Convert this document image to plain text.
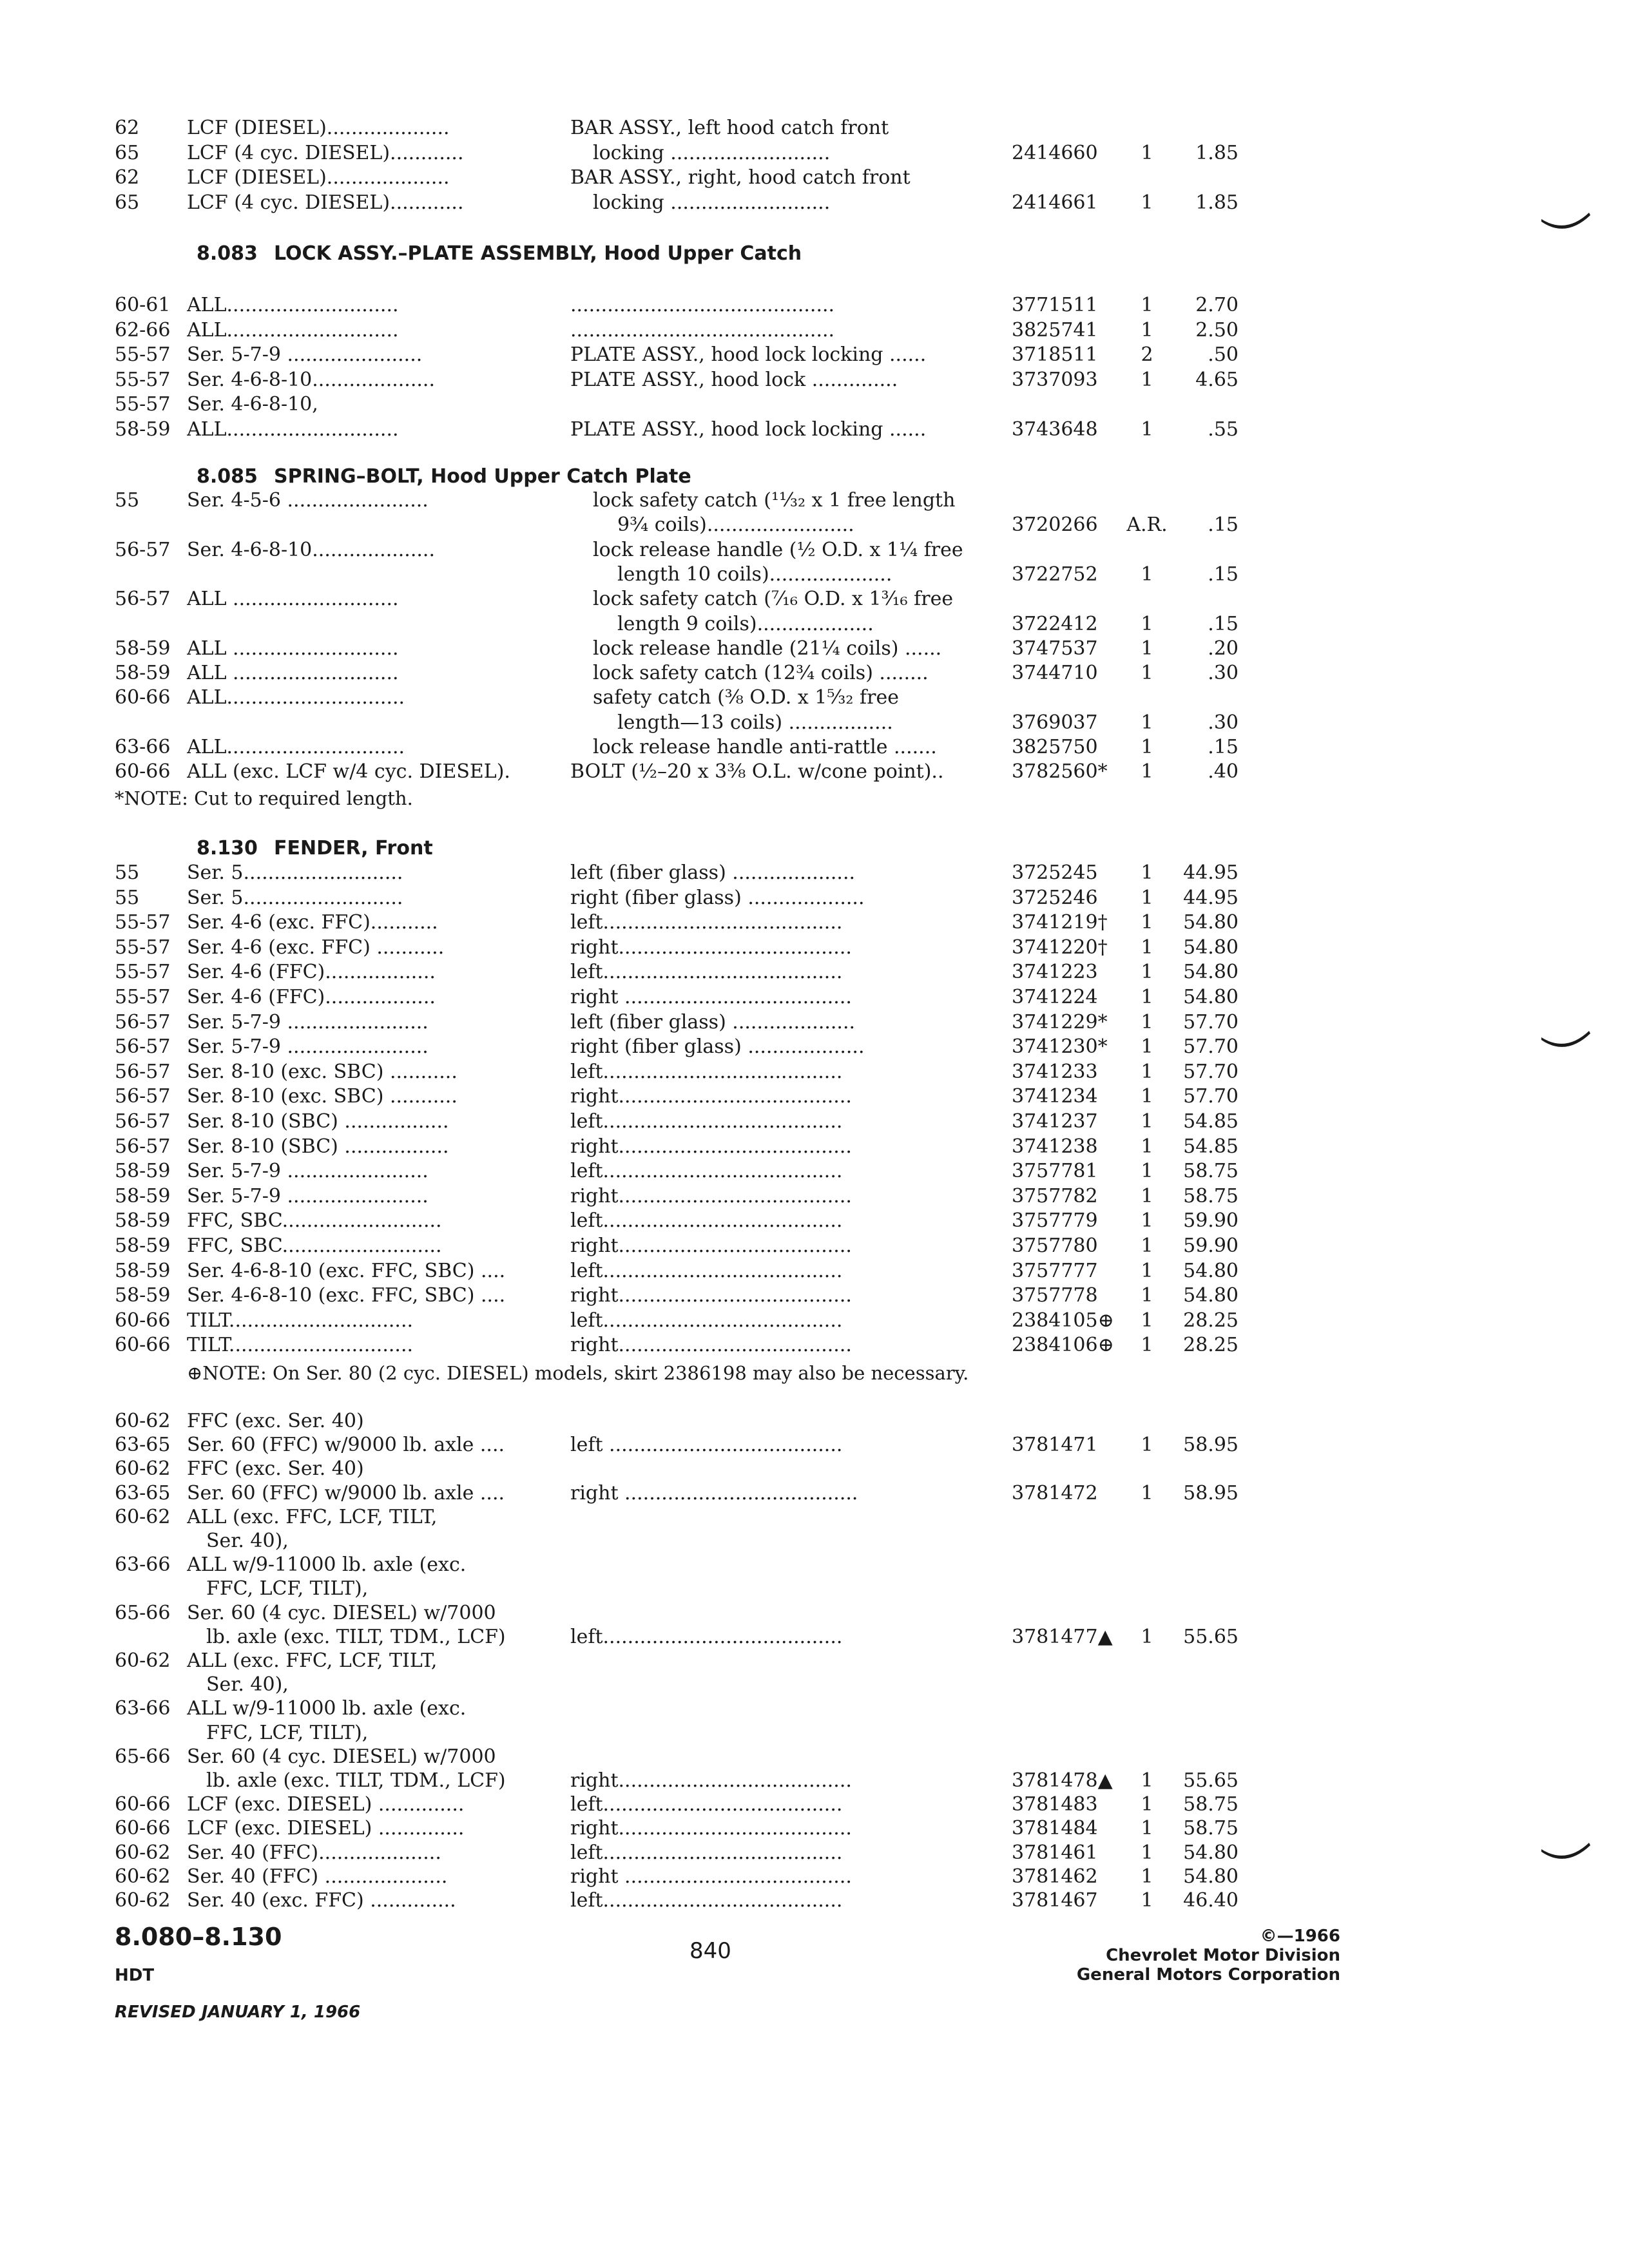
62	LCF (DIESEL)....................	BAR ASSY., left hood catch front
65	LCF (4 cyc. DIESEL)............	locking ..........................	2414660	1	1.85
62	LCF (DIESEL)....................	BAR ASSY., right, hood catch front
65	LCF (4 cyc. DIESEL)............	locking ..........................	2414661	1	1.85
8.083 LOCK ASSY.–PLATE ASSEMBLY, Hood Upper Catch
60-61 ALL............................	...........................................	3771511	1	2.70
62-66 ALL............................	...........................................	3825741	1	2.50
55-57 Ser. 5-7-9 ......................	PLATE ASSY., hood lock locking ......	3718511	2	.50
55-57 Ser. 4-6-8-10....................	PLATE ASSY., hood lock ..............	3737093	1	4.65
55-57 Ser. 4-6-8-10,
58-59 ALL............................	PLATE ASSY., hood lock locking ......	3743648	1	.55
8.085 SPRING–BOLT, Hood Upper Catch Plate
55	Ser. 4-5-6 .......................	lock safety catch (¹¹⁄₃₂ x 1 free length
9¾ coils)........................	3720266	A.R.	.15
56-57 Ser. 4-6-8-10....................	lock release handle (½ O.D. x 1¼ free
length 10 coils)....................	3722752	1	.15
56-57 ALL ...........................	lock safety catch (⁷⁄₁₆ O.D. x 1³⁄₁₆ free
length 9 coils)...................	3722412	1	.15
58-59 ALL ...........................	lock release handle (21¼ coils) ......	3747537	1	.20
58-59 ALL ...........................	lock safety catch (12¾ coils) ........	3744710	1	.30
60-66 ALL.............................	safety catch (⅜ O.D. x 1⁵⁄₃₂ free
length—13 coils) .................	3769037	1	.30
63-66 ALL.............................	lock release handle anti-rattle .......	3825750	1	.15
60-66 ALL (exc. LCF w/4 cyc. DIESEL).	BOLT (½–20 x 3⅜ O.L. w/cone point)..	3782560*	1	.40
*NOTE: Cut to required length.
8.130 FENDER, Front
55	Ser. 5..........................	left (fiber glass) ....................	3725245	1	44.95
55	Ser. 5..........................	right (fiber glass) ...................	3725246	1	44.95
55-57 Ser. 4-6 (exc. FFC)...........	left.......................................	3741219†	1	54.80
55-57 Ser. 4-6 (exc. FFC) ...........	right......................................	3741220†	1	54.80
55-57 Ser. 4-6 (FFC)..................	left.......................................	3741223	1	54.80
55-57 Ser. 4-6 (FFC)..................	right .....................................	3741224	1	54.80
56-57 Ser. 5-7-9 .......................	left (fiber glass) ....................	3741229*	1	57.70
56-57 Ser. 5-7-9 .......................	right (fiber glass) ...................	3741230*	1	57.70
56-57 Ser. 8-10 (exc. SBC) ...........	left.......................................	3741233	1	57.70
56-57 Ser. 8-10 (exc. SBC) ...........	right......................................	3741234	1	57.70
56-57 Ser. 8-10 (SBC) .................	left.......................................	3741237	1	54.85
56-57 Ser. 8-10 (SBC) .................	right......................................	3741238	1	54.85
58-59 Ser. 5-7-9 .......................	left.......................................	3757781	1	58.75
58-59 Ser. 5-7-9 .......................	right......................................	3757782	1	58.75
58-59 FFC, SBC..........................	left.......................................	3757779	1	59.90
58-59 FFC, SBC..........................	right......................................	3757780	1	59.90
58-59 Ser. 4-6-8-10 (exc. FFC, SBC) ....	left.......................................	3757777	1	54.80
58-59 Ser. 4-6-8-10 (exc. FFC, SBC) ....	right......................................	3757778	1	54.80
60-66 TILT..............................	left.......................................	2384105⊕	1	28.25
60-66 TILT..............................	right......................................	2384106⊕	1	28.25
⊕NOTE: On Ser. 80 (2 cyc. DIESEL) models, skirt 2386198 may also be necessary.
60-62 FFC (exc. Ser. 40)
63-65 Ser. 60 (FFC) w/9000 lb. axle ....	left ......................................	3781471	1	58.95
60-62 FFC (exc. Ser. 40)
63-65 Ser. 60 (FFC) w/9000 lb. axle ....	right ......................................	3781472	1	58.95
60-62 ALL (exc. FFC, LCF, TILT,
Ser. 40),
63-66 ALL w/9-11000 lb. axle (exc.
FFC, LCF, TILT),
65-66 Ser. 60 (4 cyc. DIESEL) w/7000
lb. axle (exc. TILT, TDM., LCF)	left.......................................	3781477▲	1	55.65
60-62 ALL (exc. FFC, LCF, TILT,
Ser. 40),
63-66 ALL w/9-11000 lb. axle (exc.
FFC, LCF, TILT),
65-66 Ser. 60 (4 cyc. DIESEL) w/7000
lb. axle (exc. TILT, TDM., LCF)	right......................................	3781478▲	1	55.65
60-66 LCF (exc. DIESEL) ..............	left.......................................	3781483	1	58.75
60-66 LCF (exc. DIESEL) ..............	right......................................	3781484	1	58.75
60-62 Ser. 40 (FFC)....................	left.......................................	3781461	1	54.80
60-62 Ser. 40 (FFC) ....................	right .....................................	3781462	1	54.80
60-62 Ser. 40 (exc. FFC) ..............	left.......................................	3781467	1	46.40
8.080–8.130
HDT
REVISED JANUARY 1, 1966
840
©—1966
Chevrolet Motor Division
General Motors Corporation
